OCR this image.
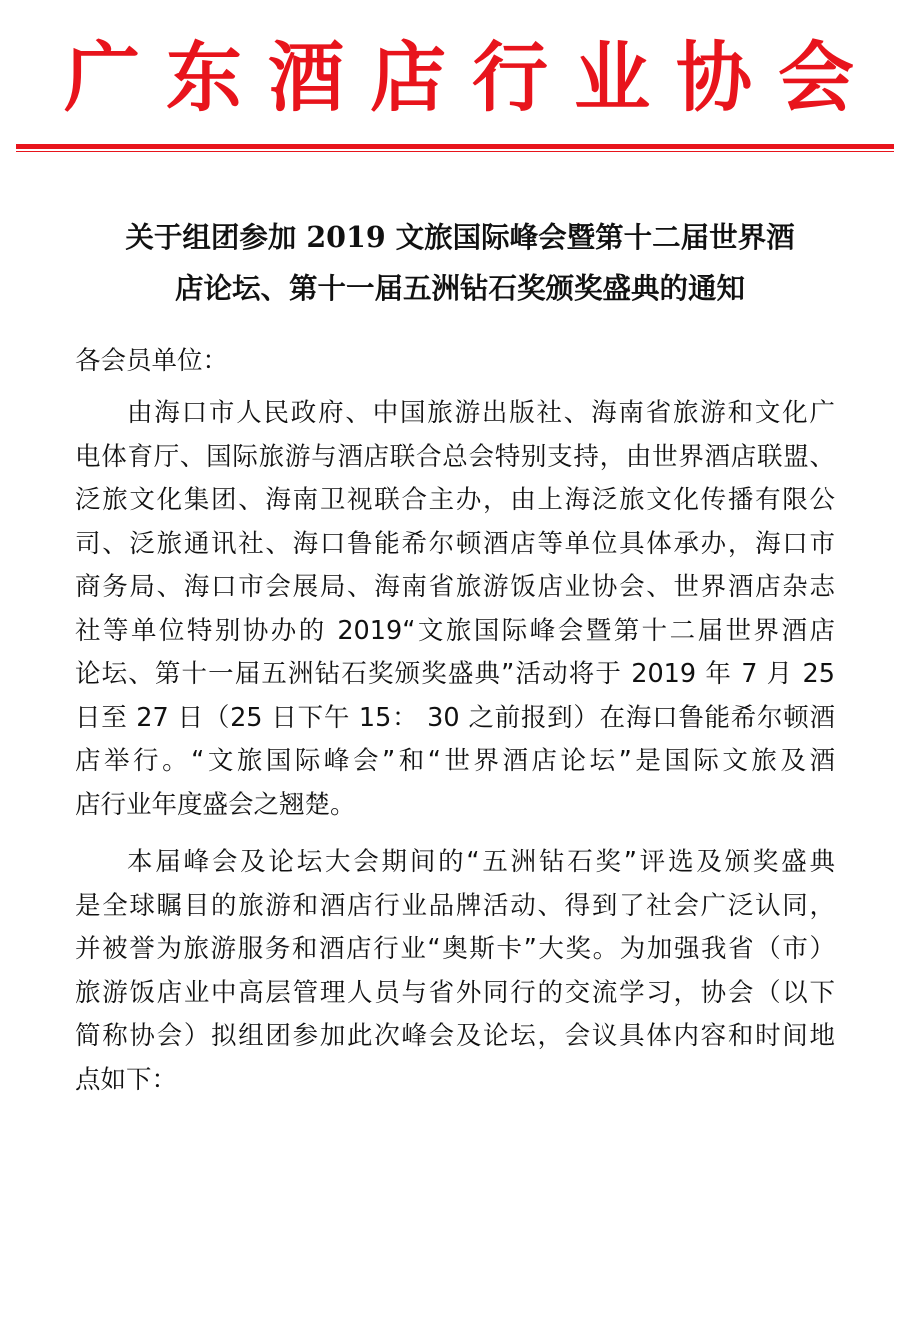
广东酒店行业协会
关于组团参加 2019 文旅国际峰会暨第十二届世界酒
店论坛、第十一届五洲钻石奖颁奖盛典的通知
各会员单位：
由海口市人民政府、中国旅游出版社、海南省旅游和文化广
电体育厅、国际旅游与酒店联合总会特别支持，由世界酒店联盟、
泛旅文化集团、海南卫视联合主办，由上海泛旅文化传播有限公
司、泛旅通讯社、海口鲁能希尔顿酒店等单位具体承办，海口市
商务局、海口市会展局、海南省旅游饭店业协会、世界酒店杂志
社等单位特别协办的 2019“文旅国际峰会暨第十二届世界酒店
论坛、第十一届五洲钻石奖颁奖盛典”活动将于 2019 年 7 月 25
日至 27 日（25 日下午 15： 30 之前报到）在海口鲁能希尔顿酒
店举行。“文旅国际峰会”和“世界酒店论坛”是国际文旅及酒
店行业年度盛会之翘楚。
本届峰会及论坛大会期间的“五洲钻石奖”评选及颁奖盛典
是全球瞩目的旅游和酒店行业品牌活动、得到了社会广泛认同，
并被誉为旅游服务和酒店行业“奥斯卡”大奖。为加强我省（市）
旅游饭店业中高层管理人员与省外同行的交流学习，协会（以下
简称协会）拟组团参加此次峰会及论坛，会议具体内容和时间地
点如下：
